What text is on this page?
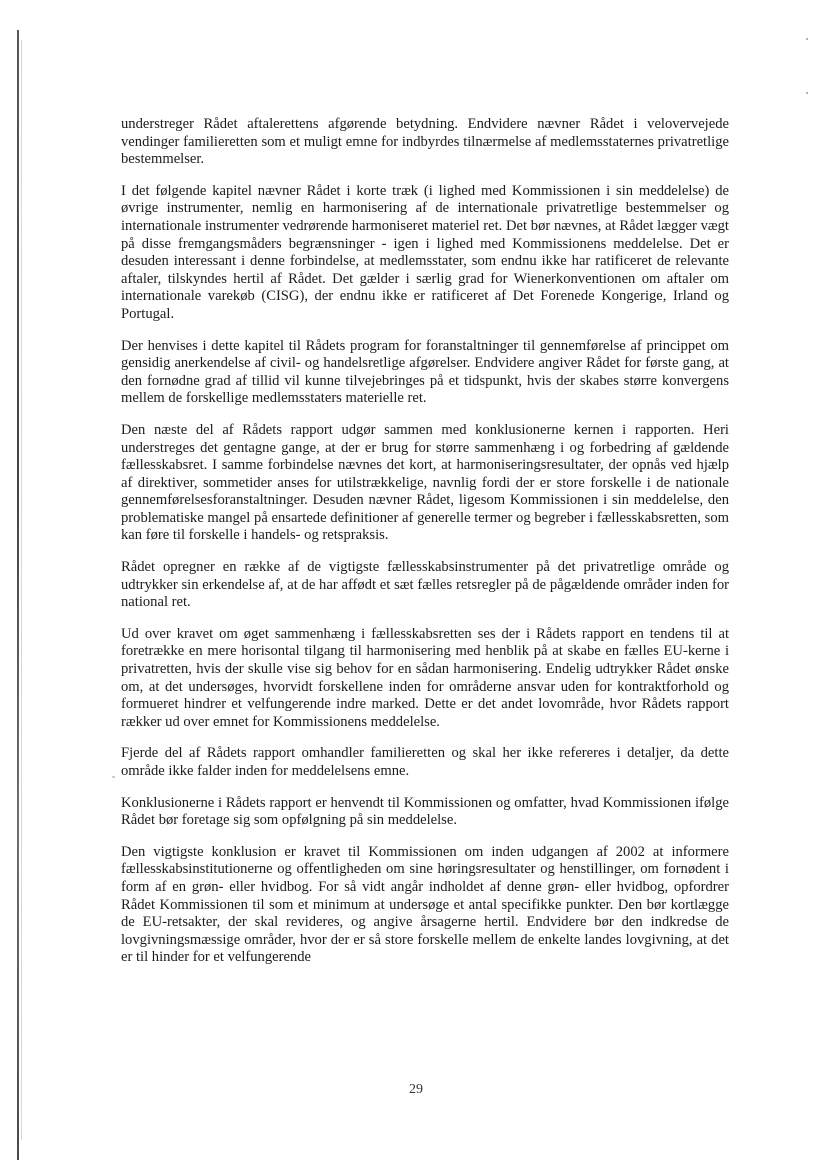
understreger Rådet aftalerettens afgørende betydning. Endvidere nævner Rådet i velovervejede vendinger familieretten som et muligt emne for indbyrdes tilnærmelse af medlemsstaternes privatretlige bestemmelser.

I det følgende kapitel nævner Rådet i korte træk (i lighed med Kommissionen i sin meddelelse) de øvrige instrumenter, nemlig en harmonisering af de internationale privatretlige bestemmelser og internationale instrumenter vedrørende harmoniseret materiel ret. Det bør nævnes, at Rådet lægger vægt på disse fremgangsmåders begrænsninger - igen i lighed med Kommissionens meddelelse. Det er desuden interessant i denne forbindelse, at medlemsstater, som endnu ikke har ratificeret de relevante aftaler, tilskyndes hertil af Rådet. Det gælder i særlig grad for Wienerkonventionen om aftaler om internationale varekøb (CISG), der endnu ikke er ratificeret af Det Forenede Kongerige, Irland og Portugal.

Der henvises i dette kapitel til Rådets program for foranstaltninger til gennemførelse af princippet om gensidig anerkendelse af civil- og handelsretlige afgørelser. Endvidere angiver Rådet for første gang, at den fornødne grad af tillid vil kunne tilvejebringes på et tidspunkt, hvis der skabes større konvergens mellem de forskellige medlemsstaters materielle ret.

Den næste del af Rådets rapport udgør sammen med konklusionerne kernen i rapporten. Heri understreges det gentagne gange, at der er brug for større sammenhæng i og forbedring af gældende fællesskabsret. I samme forbindelse nævnes det kort, at harmoniseringsresultater, der opnås ved hjælp af direktiver, sommetider anses for utilstrækkelige, navnlig fordi der er store forskelle i de nationale gennemførelsesforanstaltninger. Desuden nævner Rådet, ligesom Kommissionen i sin meddelelse, den problematiske mangel på ensartede definitioner af generelle termer og begreber i fællesskabsretten, som kan føre til forskelle i handels- og retspraksis.

Rådet opregner en række af de vigtigste fællesskabsinstrumenter på det privatretlige område og udtrykker sin erkendelse af, at de har affødt et sæt fælles retsregler på de pågældende områder inden for national ret.

Ud over kravet om øget sammenhæng i fællesskabsretten ses der i Rådets rapport en tendens til at foretrække en mere horisontal tilgang til harmonisering med henblik på at skabe en fælles EU-kerne i privatretten, hvis der skulle vise sig behov for en sådan harmonisering. Endelig udtrykker Rådet ønske om, at det undersøges, hvorvidt forskellene inden for områderne ansvar uden for kontraktforhold og formueret hindrer et velfungerende indre marked. Dette er det andet lovområde, hvor Rådets rapport rækker ud over emnet for Kommissionens meddelelse.

Fjerde del af Rådets rapport omhandler familieretten og skal her ikke refereres i detaljer, da dette område ikke falder inden for meddelelsens emne.

Konklusionerne i Rådets rapport er henvendt til Kommissionen og omfatter, hvad Kommissionen ifølge Rådet bør foretage sig som opfølgning på sin meddelelse.

Den vigtigste konklusion er kravet til Kommissionen om inden udgangen af 2002 at informere fællesskabsinstitutionerne og offentligheden om sine høringsresultater og henstillinger, om fornødent i form af en grøn- eller hvidbog. For så vidt angår indholdet af denne grøn- eller hvidbog, opfordrer Rådet Kommissionen til som et minimum at undersøge et antal specifikke punkter. Den bør kortlægge de EU-retsakter, der skal revideres, og angive årsagerne hertil. Endvidere bør den indkredse de lovgivningsmæssige områder, hvor der er så store forskelle mellem de enkelte landes lovgivning, at det er til hinder for et velfungerende

29
